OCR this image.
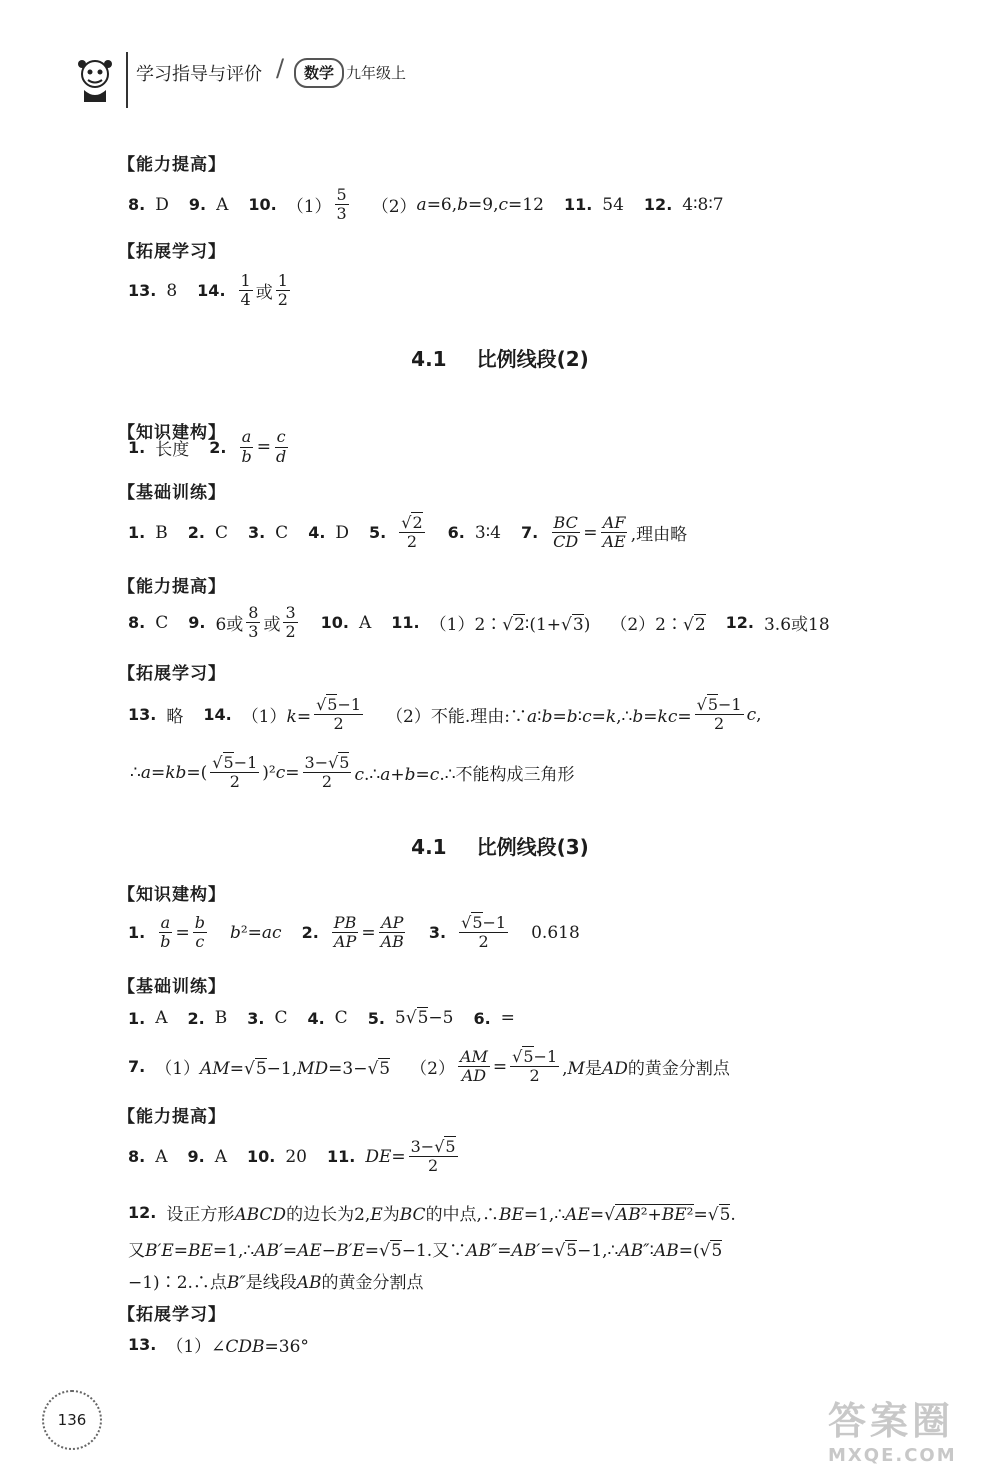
学习指导与评价 /	数学 九年级上
【能力提高】
8. D 9. A 10. $(1) \frac{5}{3} (2)$ a =6, b =9, c =12 11. 54 12. 4∶8∶7
【拓展学习】
13. 8 14. $\frac{1}{4}$ 或 $\frac{1}{2}$
4.1 比例线段(2)
【知识建构】
1. 长度 2. $\frac{a}{b} = \frac{c}{d}$
【基础训练】
1. B 2. C 3. C 4. D 5. $\frac{√2}{2} 6$. 3∶4 7. $\frac{BC}{CD} = \frac{AF}{AE}$ ,理由略
【能力提高】
8. C 9. 6或 $\frac{8}{3}$ 或 $\frac{3}{2} 10$. A 11. （1）2∶√2∶(1+√3) （2）2∶√2 12. 3.6或18
【拓展学习】
13. 略 14. $(1)k= \frac{√5-1}{2} (2)$不能.理由:∵a∶b=b∶c=k,∴b=kc= $\frac{√5-1}{2}$ c ,
∴a=kb=( $\frac{√5-1}{2} )^2c= \frac{3-√5}{2}$ c.∴a+b=c.∴不能构成三角形
4.1 比例线段(3)
【知识建构】
1. $\frac{a}{b} = \frac{b}{c}$ b ²= ac 2. $\frac{PB}{AP} = \frac{AP}{AB} 3$. $\frac{√5-1}{2} 0.618$
【基础训练】
1. A 2. B 3. C 4. C 5. 5√5−5 6. =
7. （1）AM=√5−1,MD=3−√5 $(2) \frac{AM}{AD} = \frac{√5-1}{2} ,M$是AD的黄金分割点
【能力提高】
8. A 9. A 10. 20 11. $DE= \frac{3-√5}{2}$
12. 设正方形ABCD的边长为2,E为BC的中点,∴BE=1,∴AE=√AB²+BE²=√5.
又B′E=BE=1,∴AB′=AE−B′E=√5−1.又∵AB″=AB′=√5−1,∴AB″∶AB=(√5
−1)∶2.∴点B″是线段AB的黄金分割点
【拓展学习】
13. （1）∠CDB=36°
136	答案圈
MXQE.COM
